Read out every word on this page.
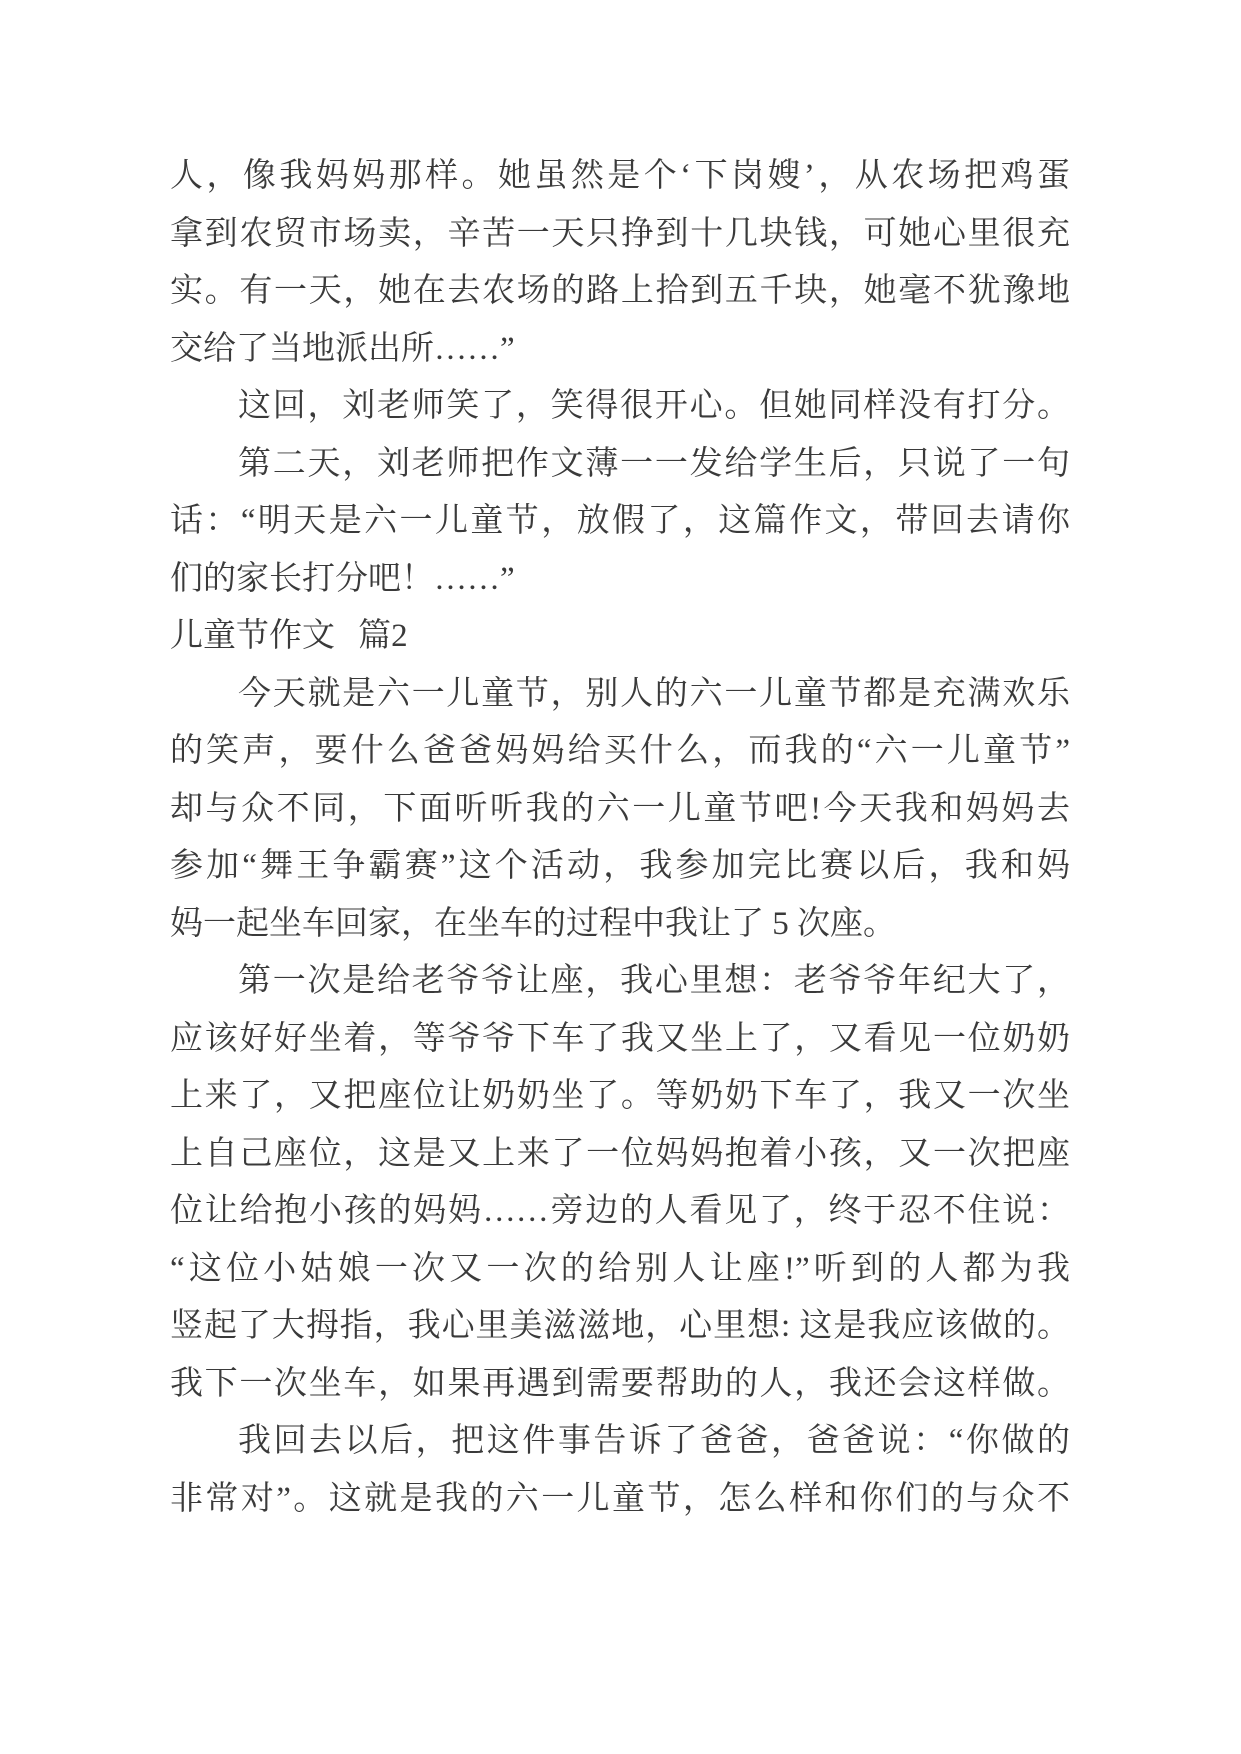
人，像我妈妈那样。她虽然是个‘下岗嫂’，从农场把鸡蛋
拿到农贸市场卖，辛苦一天只挣到十几块钱，可她心里很充
实。有一天，她在去农场的路上拾到五千块，她毫不犹豫地
交给了当地派出所……”
这回，刘老师笑了，笑得很开心。但她同样没有打分。
第二天，刘老师把作文薄一一发给学生后，只说了一句
话：“明天是六一儿童节，放假了，这篇作文，带回去请你
们的家长打分吧！……”
儿童节作文 篇2
今天就是六一儿童节，别人的六一儿童节都是充满欢乐
的笑声，要什么爸爸妈妈给买什么，而我的“六一儿童节”
却与众不同，下面听听我的六一儿童节吧!今天我和妈妈去
参加“舞王争霸赛”这个活动，我参加完比赛以后，我和妈
妈一起坐车回家，在坐车的过程中我让了 5 次座。
第一次是给老爷爷让座，我心里想：老爷爷年纪大了，
应该好好坐着，等爷爷下车了我又坐上了，又看见一位奶奶
上来了，又把座位让奶奶坐了。等奶奶下车了，我又一次坐
上自己座位，这是又上来了一位妈妈抱着小孩，又一次把座
位让给抱小孩的妈妈……旁边的人看见了，终于忍不住说：
“这位小姑娘一次又一次的给别人让座!”听到的人都为我
竖起了大拇指，我心里美滋滋地，心里想: 这是我应该做的。
我下一次坐车，如果再遇到需要帮助的人，我还会这样做。
我回去以后，把这件事告诉了爸爸，爸爸说：“你做的
非常对”。这就是我的六一儿童节，怎么样和你们的与众不
